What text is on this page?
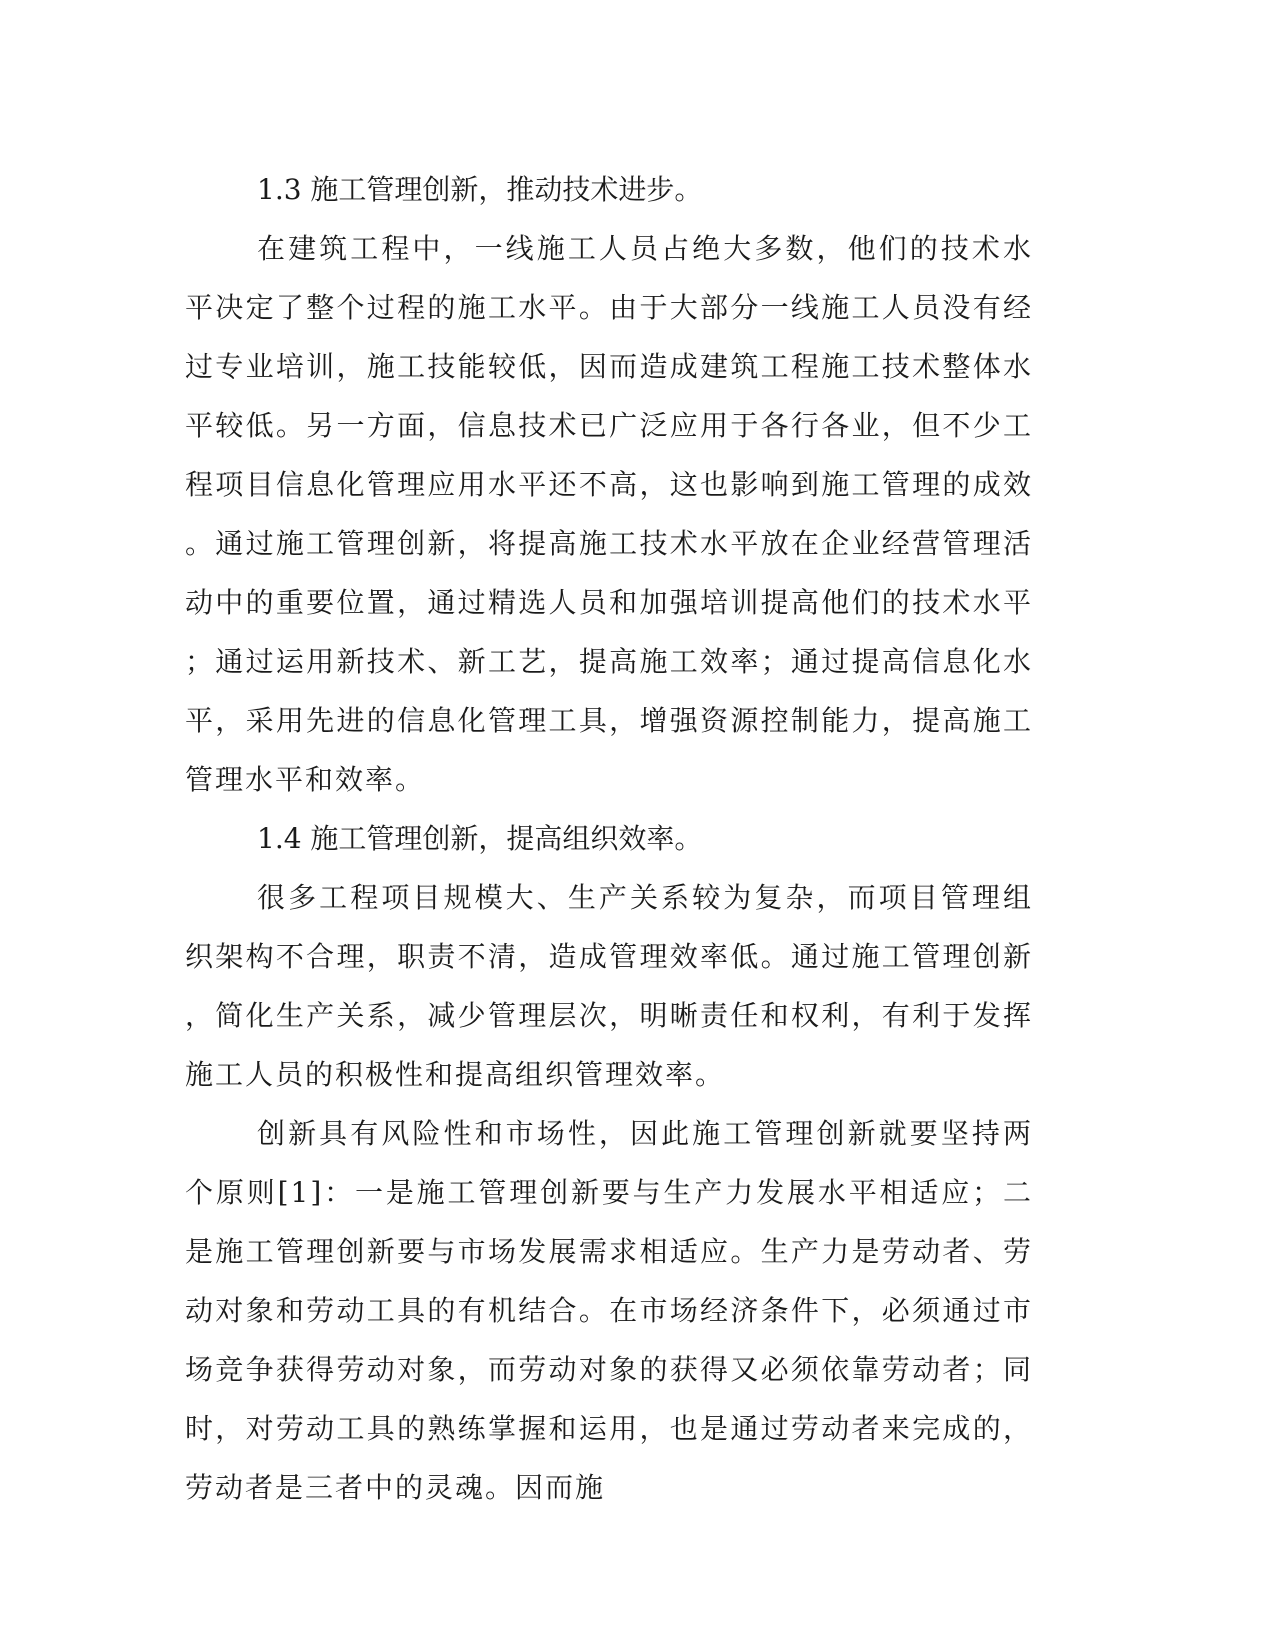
1.3 施工管理创新，推动技术进步。

在建筑工程中，一线施工人员占绝大多数，他们的技术水平决定了整个过程的施工水平。由于大部分一线施工人员没有经过专业培训，施工技能较低，因而造成建筑工程施工技术整体水平较低。另一方面，信息技术已广泛应用于各行各业，但不少工程项目信息化管理应用水平还不高，这也影响到施工管理的成效。通过施工管理创新，将提高施工技术水平放在企业经营管理活动中的重要位置，通过精选人员和加强培训提高他们的技术水平；通过运用新技术、新工艺，提高施工效率；通过提高信息化水平，采用先进的信息化管理工具，增强资源控制能力，提高施工管理水平和效率。

1.4 施工管理创新，提高组织效率。

很多工程项目规模大、生产关系较为复杂，而项目管理组织架构不合理，职责不清，造成管理效率低。通过施工管理创新，简化生产关系，减少管理层次，明晰责任和权利，有利于发挥施工人员的积极性和提高组织管理效率。

创新具有风险性和市场性，因此施工管理创新就要坚持两个原则[1]：一是施工管理创新要与生产力发展水平相适应；二是施工管理创新要与市场发展需求相适应。生产力是劳动者、劳动对象和劳动工具的有机结合。在市场经济条件下，必须通过市场竞争获得劳动对象，而劳动对象的获得又必须依靠劳动者；同时，对劳动工具的熟练掌握和运用，也是通过劳动者来完成的，劳动者是三者中的灵魂。因而施
